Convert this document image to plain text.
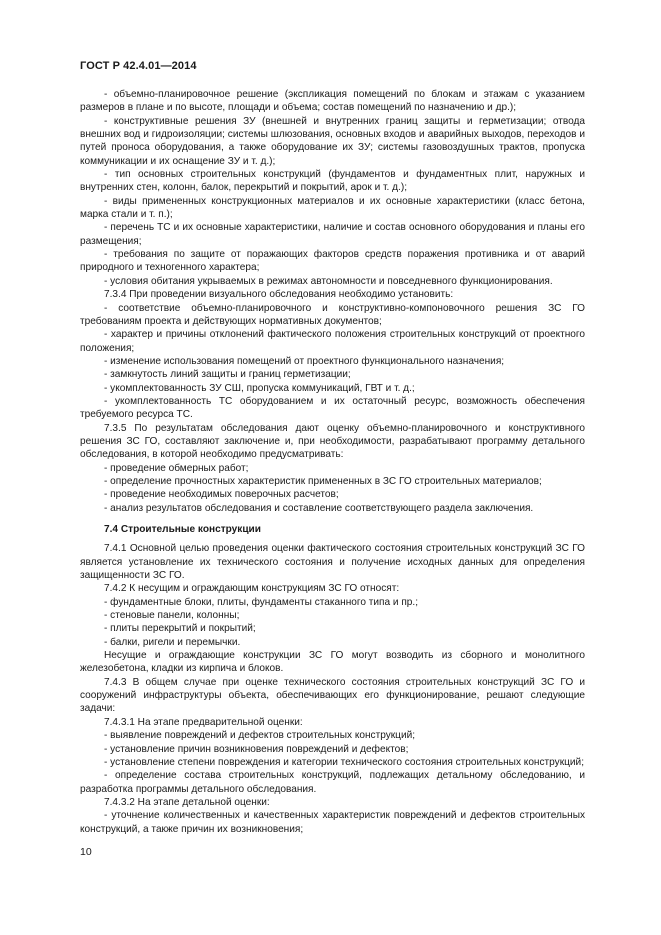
ГОСТ Р 42.4.01—2014

- объемно-планировочное решение (экспликация помещений по блокам и этажам с указанием размеров в плане и по высоте, площади и объема; состав помещений по назначению и др.);

- конструктивные решения ЗУ (внешней и внутренних границ защиты и герметизации; отвода внешних вод и гидроизоляции; системы шлюзования, основных входов и аварийных выходов, переходов и путей проноса оборудования, а также оборудование их ЗУ; системы газовоздушных трактов, пропуска коммуникации и их оснащение ЗУ и т. д.);

- тип основных строительных конструкций (фундаментов и фундаментных плит, наружных и внутренних стен, колонн, балок, перекрытий и покрытий, арок и т. д.);

- виды примененных конструкционных материалов и их основные характеристики (класс бетона, марка стали и т. п.);

- перечень ТС и их основные характеристики, наличие и состав основного оборудования и планы его размещения;

- требования по защите от поражающих факторов средств поражения противника и от аварий природного и техногенного характера;

- условия обитания укрываемых в режимах автономности и повседневного функционирования.

7.3.4 При проведении визуального обследования необходимо установить:

- соответствие объемно-планировочного и конструктивно-компоновочного решения ЗС ГО требованиям проекта и действующих нормативных документов;

- характер и причины отклонений фактического положения строительных конструкций от проектного положения;

- изменение использования помещений от проектного функционального назначения;

- замкнутость линий защиты и границ герметизации;

- укомплектованность ЗУ СШ, пропуска коммуникаций, ГВТ и т. д.;

- укомплектованность ТС оборудованием и их остаточный ресурс, возможность обеспечения требуемого ресурса ТС.

7.3.5 По результатам обследования дают оценку объемно-планировочного и конструктивного решения ЗС ГО, составляют заключение и, при необходимости, разрабатывают программу детального обследования, в которой необходимо предусматривать:

- проведение обмерных работ;

- определение прочностных характеристик примененных в ЗС ГО строительных материалов;

- проведение необходимых поверочных расчетов;

- анализ результатов обследования и составление соответствующего раздела заключения.

7.4 Строительные конструкции

7.4.1 Основной целью проведения оценки фактического состояния строительных конструкций ЗС ГО является установление их технического состояния и получение исходных данных для определения защищенности ЗС ГО.

7.4.2 К несущим и ограждающим конструкциям ЗС ГО относят:

- фундаментные блоки, плиты, фундаменты стаканного типа и пр.;

- стеновые панели, колонны;

- плиты перекрытий и покрытий;

- балки, ригели и перемычки.

Несущие и ограждающие конструкции ЗС ГО могут возводить из сборного и монолитного железобетона, кладки из кирпича и блоков.

7.4.3 В общем случае при оценке технического состояния строительных конструкций ЗС ГО и сооружений инфраструктуры объекта, обеспечивающих его функционирование, решают следующие задачи:

7.4.3.1 На этапе предварительной оценки:

- выявление повреждений и дефектов строительных конструкций;

- установление причин возникновения повреждений и дефектов;

- установление степени повреждения и категории технического состояния строительных конструкций;

- определение состава строительных конструкций, подлежащих детальному обследованию, и разработка программы детального обследования.

7.4.3.2 На этапе детальной оценки:

- уточнение количественных и качественных характеристик повреждений и дефектов строительных конструкций, а также причин их возникновения;

10
